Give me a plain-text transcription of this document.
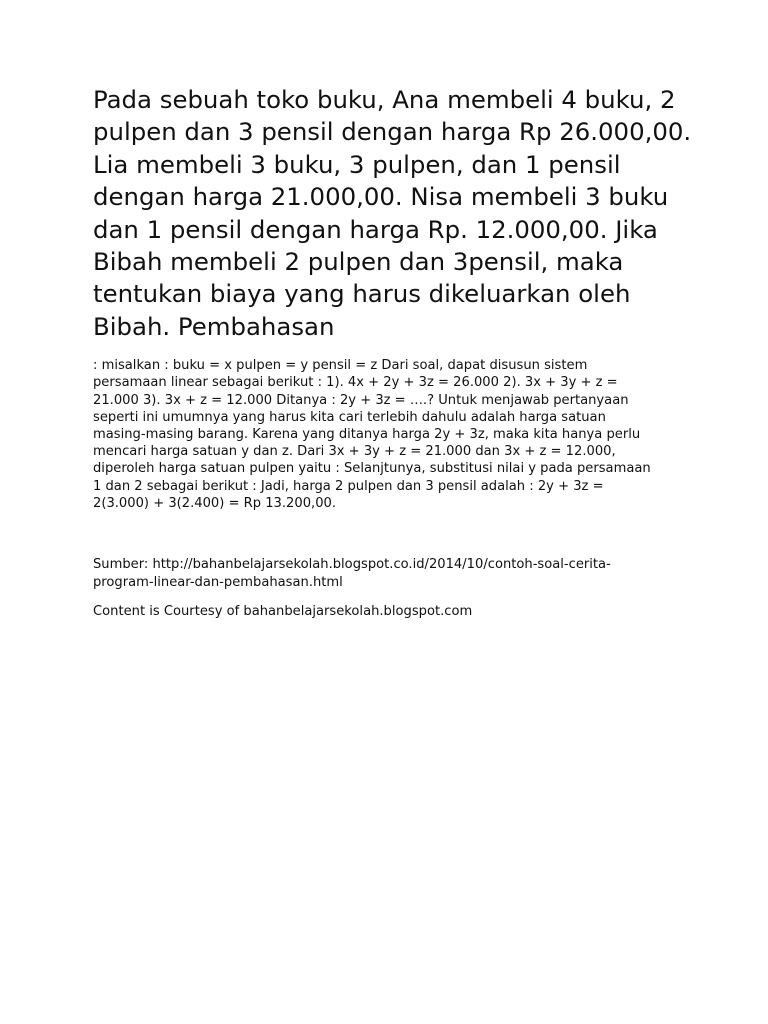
Pada sebuah toko buku, Ana membeli 4 buku, 2 pulpen dan 3 pensil dengan harga Rp 26.000,00. Lia membeli 3 buku, 3 pulpen, dan 1 pensil dengan harga 21.000,00. Nisa membeli 3 buku dan 1 pensil dengan harga Rp. 12.000,00. Jika Bibah membeli 2 pulpen dan 3pensil, maka tentukan biaya yang harus dikeluarkan oleh Bibah. Pembahasan

: misalkan : buku = x pulpen = y pensil = z Dari soal, dapat disusun sistem persamaan linear sebagai berikut : 1). 4x + 2y + 3z = 26.000 2). 3x + 3y + z = 21.000 3). 3x + z = 12.000 Ditanya : 2y + 3z = ….? Untuk menjawab pertanyaan seperti ini umumnya yang harus kita cari terlebih dahulu adalah harga satuan masing-masing barang. Karena yang ditanya harga 2y + 3z, maka kita hanya perlu mencari harga satuan y dan z. Dari 3x + 3y + z = 21.000 dan 3x + z = 12.000, diperoleh harga satuan pulpen yaitu : Selanjtunya, substitusi nilai y pada persamaan 1 dan 2 sebagai berikut : Jadi, harga 2 pulpen dan 3 pensil adalah : 2y + 3z = 2(3.000) + 3(2.400) = Rp 13.200,00.

Sumber: http://bahanbelajarsekolah.blogspot.co.id/2014/10/contoh-soal-cerita-program-linear-dan-pembahasan.html

Content is Courtesy of bahanbelajarsekolah.blogspot.com
